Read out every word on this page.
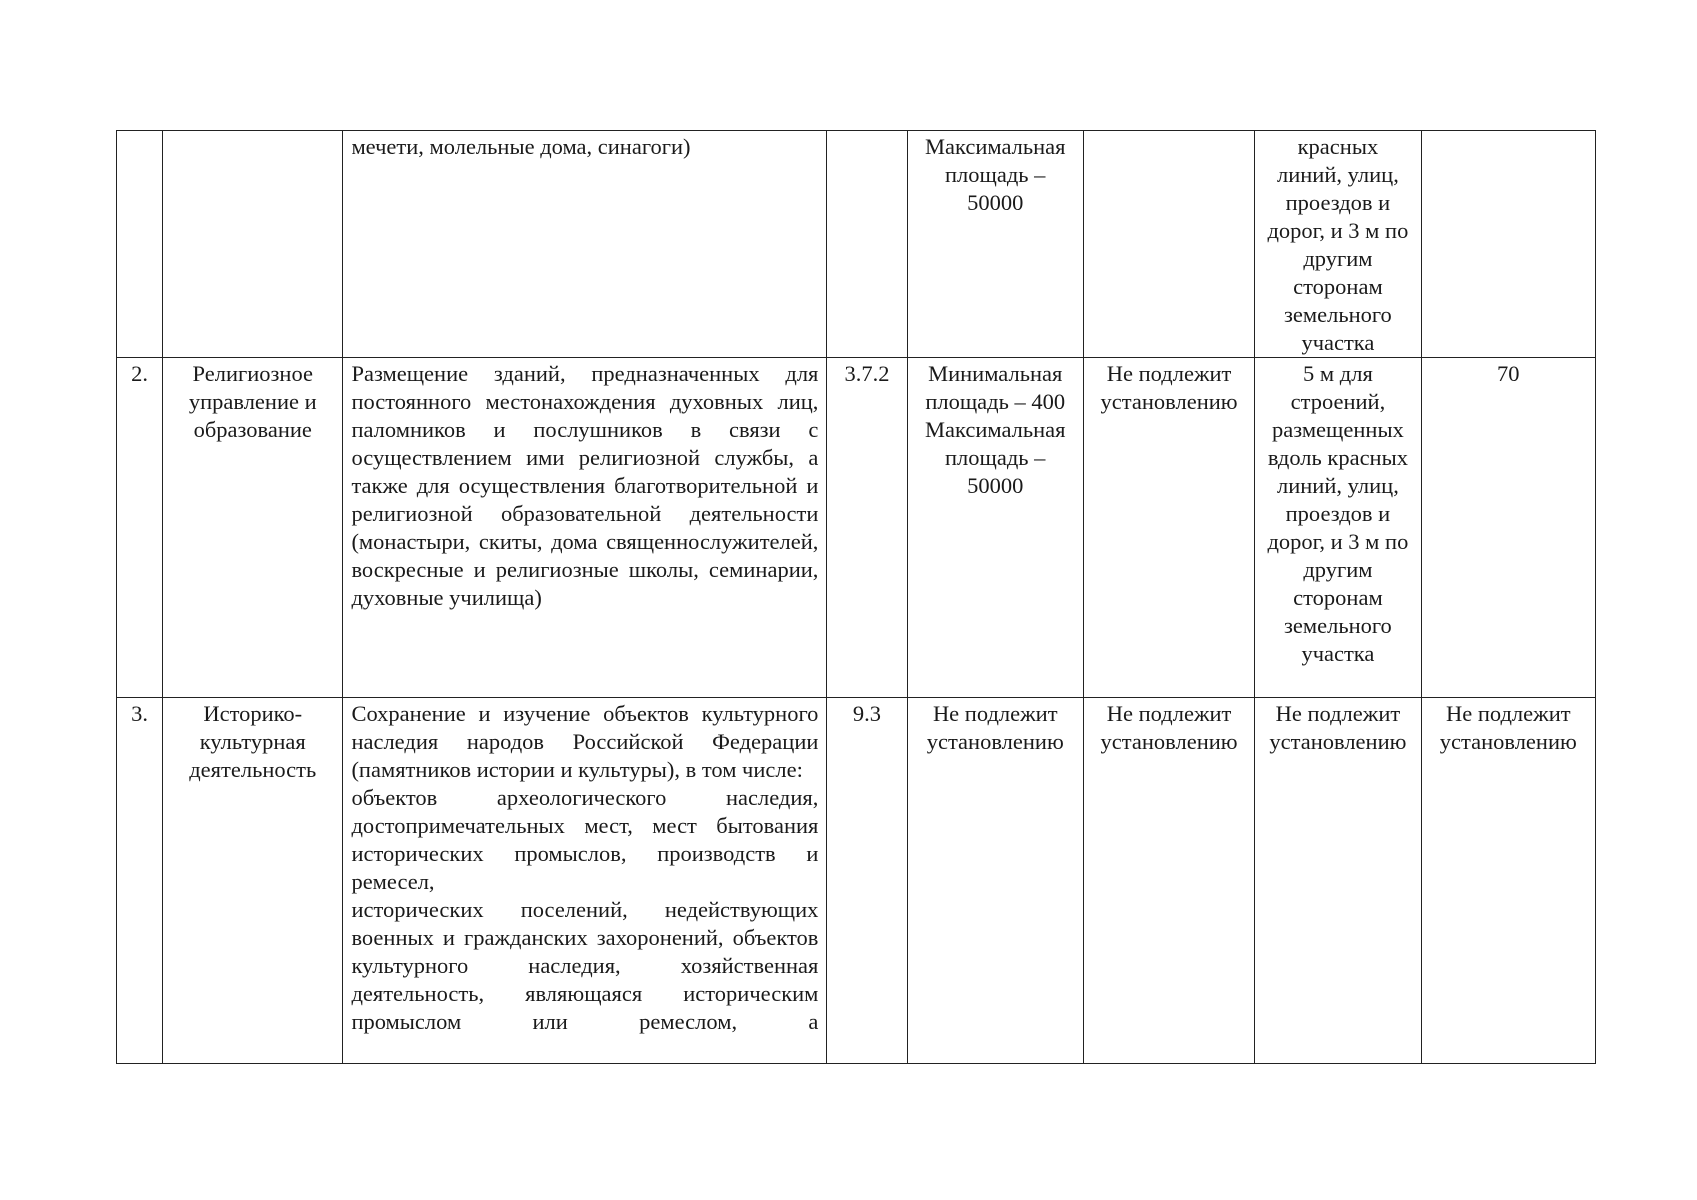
		мечети, молельные дома, синагоги)		Максимальная площадь – 50000		красных линий, улиц, проездов и дорог, и 3 м по другим сторонам земельного участка	
2.	Религиозное управление и образование	Размещение зданий, предназначенных для постоянного местонахождения духовных лиц, паломников и послушников в связи с осуществлением ими религиозной службы, а также для осуществления благотворительной и религиозной образовательной деятельности (монастыри, скиты, дома священнослужителей, воскресные и религиозные школы, семинарии, духовные училища)	3.7.2	Минимальная площадь – 400 Максимальная площадь – 50000	Не подлежит установлению	5 м для строений, размещенных вдоль красных линий, улиц, проездов и дорог, и 3 м по другим сторонам земельного участка	70
3.	Историко-культурная деятельность	Сохранение и изучение объектов культурного наследия народов Российской Федерации (памятников истории и культуры), в том числе:

объектов археологического наследия, достопримечательных мест, мест бытования исторических промыслов, производств и ремесел,

исторических поселений, недействующих военных и гражданских захоронений, объектов культурного наследия, хозяйственная деятельность, являющаяся историческим промыслом или ремеслом, а	9.3	Не подлежит установлению	Не подлежит установлению	Не подлежит установлению	Не подлежит установлению
